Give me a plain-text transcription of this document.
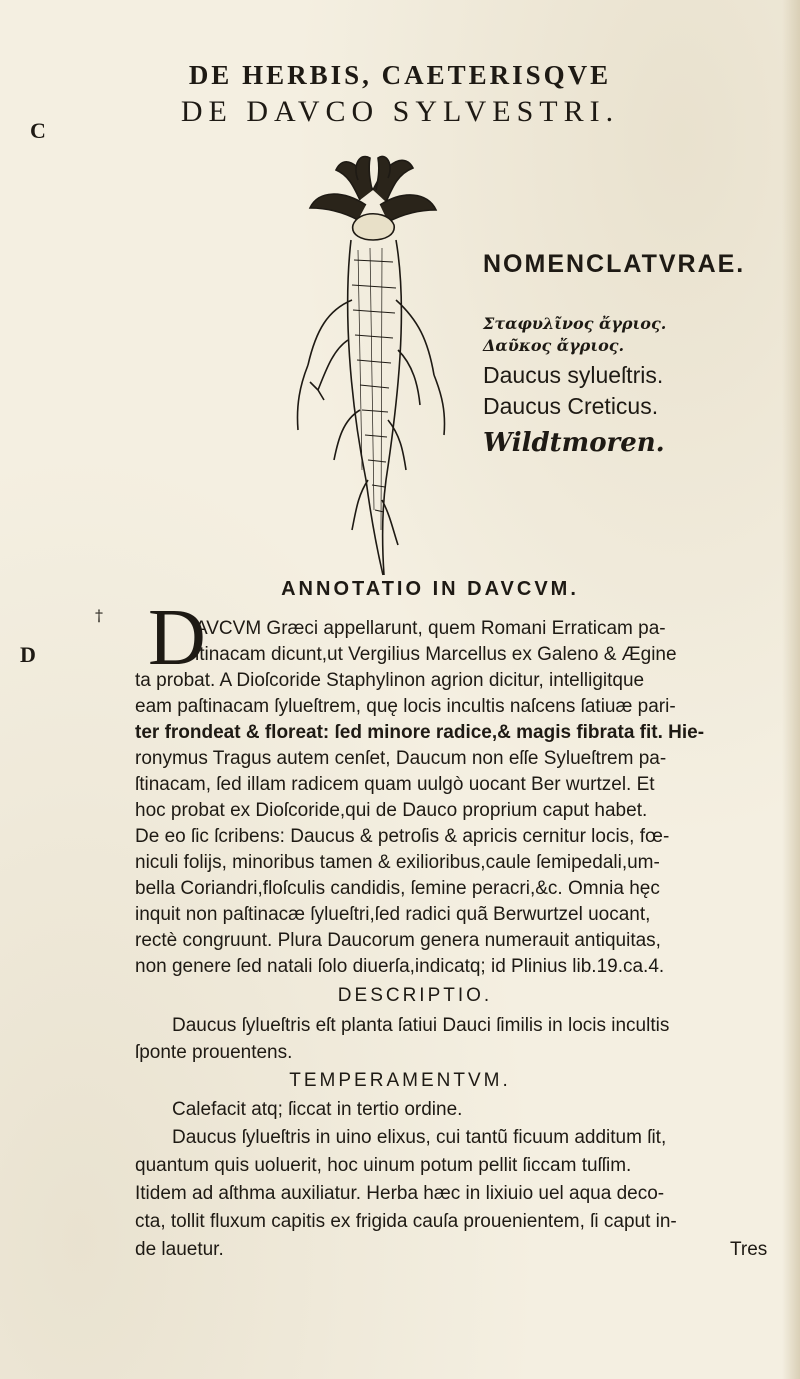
DE HERBIS, CAETERISQVE
DE DAVCO SYLVESTRI.
C
D
†
NOMENCLATVRAE.
Σταφυλῖνος ἄγριος.
Δαῦκος ἄγριος.
Daucus sylueſtris.
Daucus Creticus.
Wildtmoren.
ANNOTATIO IN DAVCVM.
D
AVCVM Græci appellarunt, quem Romani Erraticam pa-
ſtinacam dicunt,ut Vergilius Marcellus ex Galeno & Ægine
ta probat. A Dioſcoride Staphylinon agrion dicitur, intelligitque
eam paſtinacam ſylueſtrem, quę locis incultis naſcens ſatiuæ pari-
ter frondeat & floreat: ſed minore radice,& magis fibrata fit. Hie-
ronymus Tragus autem cenſet, Daucum non eſſe Sylueſtrem pa-
ſtinacam, ſed illam radicem quam uulgò uocant Ber wurtzel. Et
hoc probat ex Dioſcoride,qui de Dauco proprium caput habet.
De eo ſic ſcribens: Daucus & petroſis & apricis cernitur locis, fœ-
niculi folijs, minoribus tamen & exilioribus,caule ſemipedali,um-
bella Coriandri,floſculis candidis, ſemine peracri,&c. Omnia hęc
inquit non paſtinacæ ſylueſtri,ſed radici quã Berwurtzel uocant,
rectè congruunt. Plura Daucorum genera numerauit antiquitas,
non genere ſed natali ſolo diuerſa,indicatq; id Plinius lib.19.ca.4.
DESCRIPTIO.
Daucus ſylueſtris eſt planta ſatiui Dauci ſimilis in locis incultis
ſponte prouentens.
TEMPERAMENTVM.
Calefacit atq; ſiccat in tertio ordine.
Daucus ſylueſtris in uino elixus, cui tantũ ficuum additum ſit,
quantum quis uoluerit, hoc uinum potum pellit ſiccam tuſſim.
Itidem ad aſthma auxiliatur. Herba hæc in lixiuio uel aqua deco-
cta, tollit fluxum capitis ex frigida cauſa prouenientem, ſi caput in-
de lauetur.	Tres
